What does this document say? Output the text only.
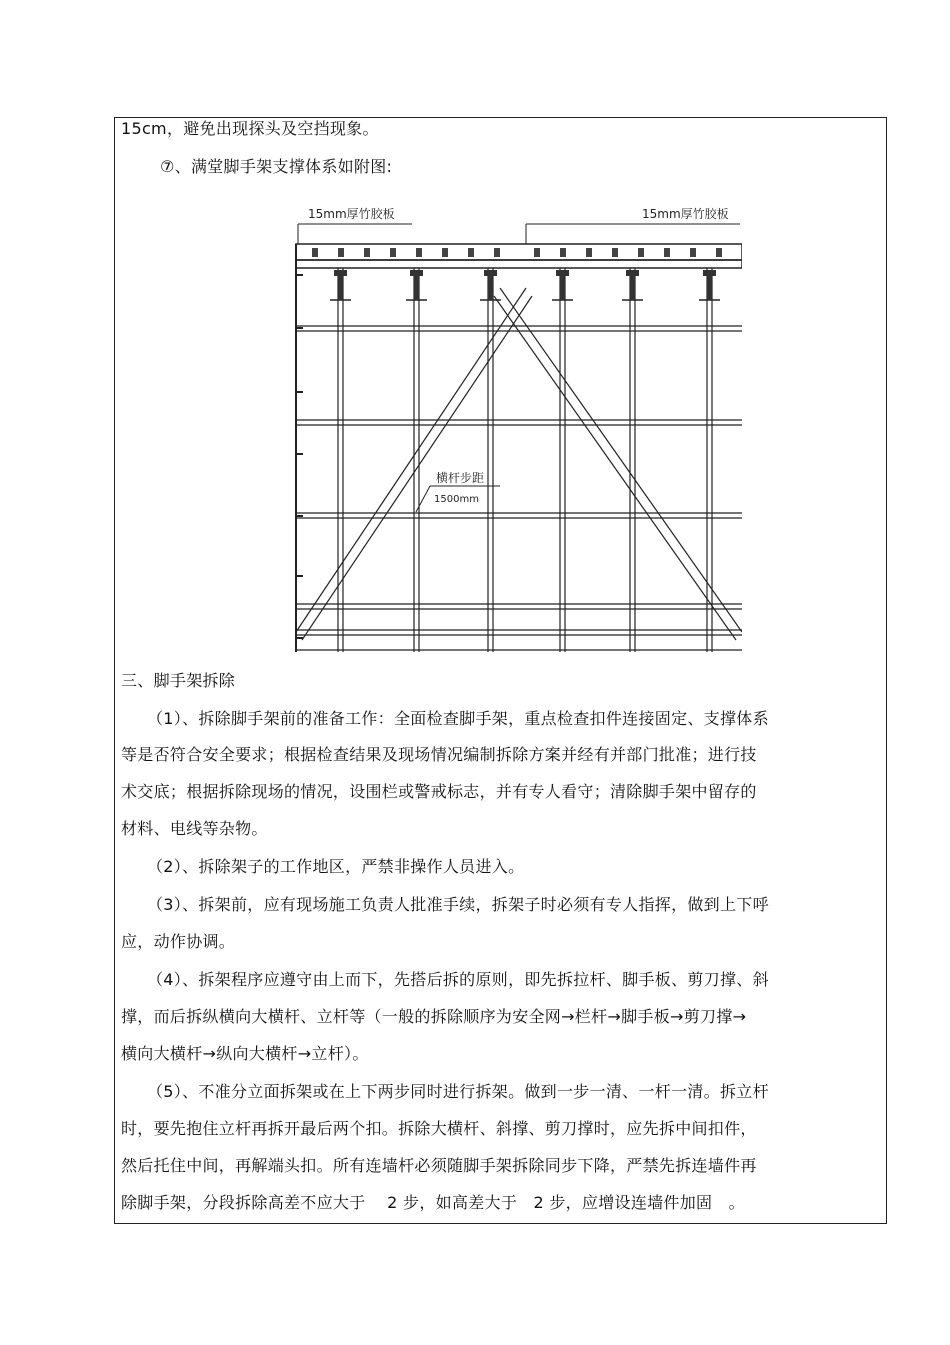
15cm，避免出现探头及空挡现象。
⑦、满堂脚手架支撑体系如附图:
15mm厚竹胶板	15mm厚竹胶板
横杆步距
1500mm
三、脚手架拆除
（1）、拆除脚手架前的准备工作：全面检查脚手架，重点检查扣件连接固定、支撑体系
等是否符合安全要求；根据检查结果及现场情况编制拆除方案并经有并部门批准；进行技
术交底；根据拆除现场的情况，设围栏或警戒标志，并有专人看守；清除脚手架中留存的
材料、电线等杂物。
（2）、拆除架子的工作地区，严禁非操作人员进入。
（3）、拆架前，应有现场施工负责人批准手续，拆架子时必须有专人指挥，做到上下呼
应，动作协调。
（4）、拆架程序应遵守由上而下，先搭后拆的原则，即先拆拉杆、脚手板、剪刀撑、斜
撑，而后拆纵横向大横杆、立杆等（一般的拆除顺序为安全网→栏杆→脚手板→剪刀撑→
横向大横杆→纵向大横杆→立杆）。
（5）、不准分立面拆架或在上下两步同时进行拆架。做到一步一清、一杆一清。拆立杆
时，要先抱住立杆再拆开最后两个扣。拆除大横杆、斜撑、剪刀撑时，应先拆中间扣件，
然后托住中间，再解端头扣。所有连墙杆必须随脚手架拆除同步下降，严禁先拆连墙件再
除脚手架，分段拆除高差不应大于　 2 步，如高差大于　2 步，应增设连墙件加固　。
